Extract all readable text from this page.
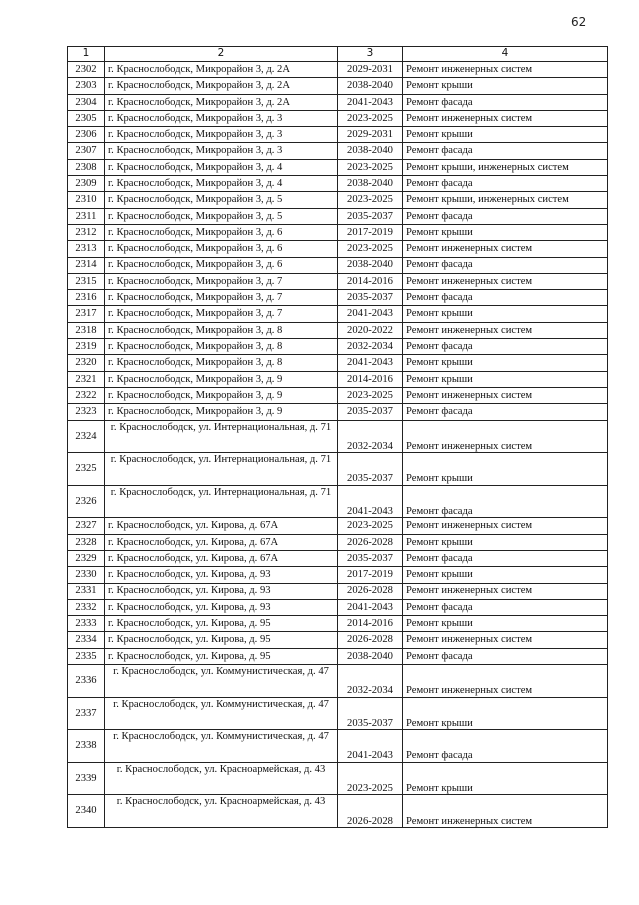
62
1	2	3	4
2302	г. Краснослободск, Микрорайон 3, д. 2А	2029-2031	Ремонт инженерных систем
2303	г. Краснослободск, Микрорайон 3, д. 2А	2038-2040	Ремонт крыши
2304	г. Краснослободск, Микрорайон 3, д. 2А	2041-2043	Ремонт фасада
2305	г. Краснослободск, Микрорайон 3, д. 3	2023-2025	Ремонт инженерных систем
2306	г. Краснослободск, Микрорайон 3, д. 3	2029-2031	Ремонт крыши
2307	г. Краснослободск, Микрорайон 3, д. 3	2038-2040	Ремонт фасада
2308	г. Краснослободск, Микрорайон 3, д. 4	2023-2025	Ремонт крыши, инженерных систем
2309	г. Краснослободск, Микрорайон 3, д. 4	2038-2040	Ремонт фасада
2310	г. Краснослободск, Микрорайон 3, д. 5	2023-2025	Ремонт крыши, инженерных систем
2311	г. Краснослободск, Микрорайон 3, д. 5	2035-2037	Ремонт фасада
2312	г. Краснослободск, Микрорайон 3, д. 6	2017-2019	Ремонт крыши
2313	г. Краснослободск, Микрорайон 3, д. 6	2023-2025	Ремонт инженерных систем
2314	г. Краснослободск, Микрорайон 3, д. 6	2038-2040	Ремонт фасада
2315	г. Краснослободск, Микрорайон 3, д. 7	2014-2016	Ремонт инженерных систем
2316	г. Краснослободск, Микрорайон 3, д. 7	2035-2037	Ремонт фасада
2317	г. Краснослободск, Микрорайон 3, д. 7	2041-2043	Ремонт крыши
2318	г. Краснослободск, Микрорайон 3, д. 8	2020-2022	Ремонт инженерных систем
2319	г. Краснослободск, Микрорайон 3, д. 8	2032-2034	Ремонт фасада
2320	г. Краснослободск, Микрорайон 3, д. 8	2041-2043	Ремонт крыши
2321	г. Краснослободск, Микрорайон 3, д. 9	2014-2016	Ремонт крыши
2322	г. Краснослободск, Микрорайон 3, д. 9	2023-2025	Ремонт инженерных систем
2323	г. Краснослободск, Микрорайон 3, д. 9	2035-2037	Ремонт фасада
2324	г. Краснослободск, ул. Интернациональная, д. 71	2032-2034	Ремонт инженерных систем
2325	г. Краснослободск, ул. Интернациональная, д. 71	2035-2037	Ремонт крыши
2326	г. Краснослободск, ул. Интернациональная, д. 71	2041-2043	Ремонт фасада
2327	г. Краснослободск, ул. Кирова, д. 67А	2023-2025	Ремонт инженерных систем
2328	г. Краснослободск, ул. Кирова, д. 67А	2026-2028	Ремонт крыши
2329	г. Краснослободск, ул. Кирова, д. 67А	2035-2037	Ремонт фасада
2330	г. Краснослободск, ул. Кирова, д. 93	2017-2019	Ремонт крыши
2331	г. Краснослободск, ул. Кирова, д. 93	2026-2028	Ремонт инженерных систем
2332	г. Краснослободск, ул. Кирова, д. 93	2041-2043	Ремонт фасада
2333	г. Краснослободск, ул. Кирова, д. 95	2014-2016	Ремонт крыши
2334	г. Краснослободск, ул. Кирова, д. 95	2026-2028	Ремонт инженерных систем
2335	г. Краснослободск, ул. Кирова, д. 95	2038-2040	Ремонт фасада
2336	г. Краснослободск, ул. Коммунистическая, д. 47	2032-2034	Ремонт инженерных систем
2337	г. Краснослободск, ул. Коммунистическая, д. 47	2035-2037	Ремонт крыши
2338	г. Краснослободск, ул. Коммунистическая, д. 47	2041-2043	Ремонт фасада
2339	г. Краснослободск, ул. Красноармейская, д. 43	2023-2025	Ремонт крыши
2340	г. Краснослободск, ул. Красноармейская, д. 43	2026-2028	Ремонт инженерных систем
